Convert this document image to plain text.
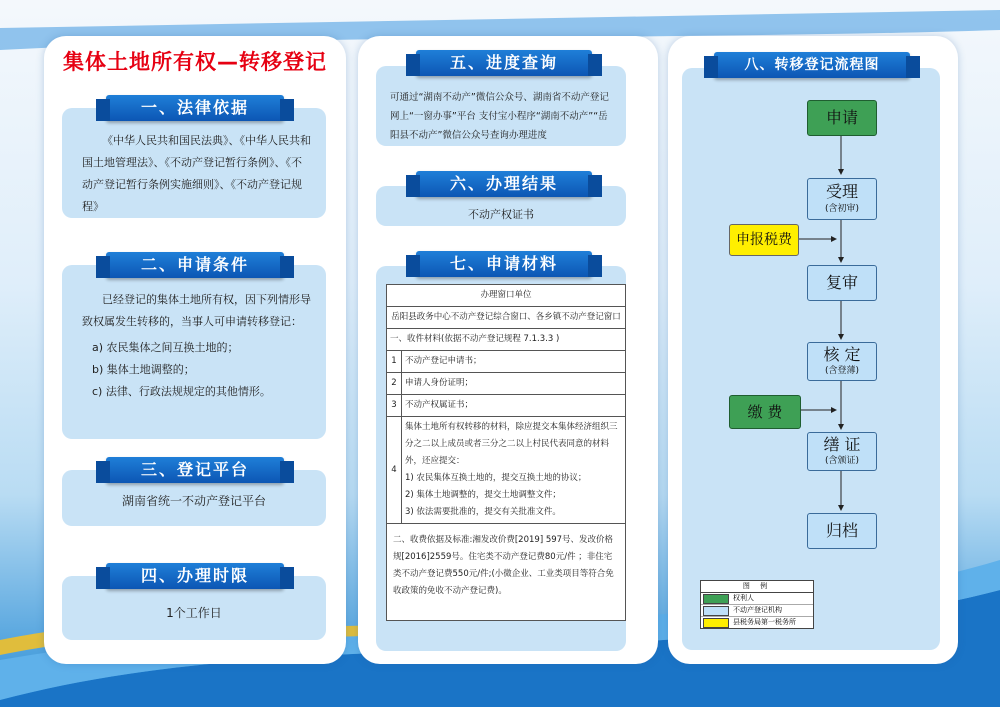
集体土地所有权—转移登记
一、法律依据
《中华人民共和国民法典》、《中华人民共和国土地管理法》、《不动产登记暂行条例》、《不动产登记暂行条例实施细则》、《不动产登记规程》
二、申请条件
已经登记的集体土地所有权，因下列情形导致权属发生转移的，当事人可申请转移登记：
a) 农民集体之间互换土地的；
b) 集体土地调整的；
c) 法律、行政法规规定的其他情形。
三、登记平台
湖南省统一不动产登记平台
四、办理时限
1个工作日
五、进度查询
可通过“湖南不动产”微信公众号、湖南省不动产登记网上“一窗办事”平台 支付宝小程序“湖南不动产”“岳阳县不动产”微信公众号查询办理进度
六、办理结果
不动产权证书
七、申请材料
办理窗口单位	
岳阳县政务中心不动产登记综合窗口、各乡镇不动产登记窗口	
一、收件材料(依据不动产登记规程 7.1.3.3 )	
1	不动产登记申请书；
2	申请人身份证明；
3	不动产权属证书；
4	集体土地所有权转移的材料，除应提交本集体经济组织三分之二以上成员或者三分之二以上村民代表同意的材料外，还应提交：
1) 农民集体互换土地的，提交互换土地的协议；
2) 集体土地调整的，提交土地调整文件；
3) 依法需要批准的，提交有关批准文件。

二、收费依据及标准:湘发改价费[2019] 597号、发改价格规[2016]2559号。住宅类不动产登记费80元/件 ；非住宅类不动产登记费550元/件;(小微企业、工业类项目等符合免收政策的免收不动产登记费)。	
八、转移登记流程图
申请
受理
(含初审)
申报税费
复审
核 定
(含登薄)
缴 费
缮 证
(含颁证)
归档
图 例
权利人
不动产登记机构
县税务局第一税务所
